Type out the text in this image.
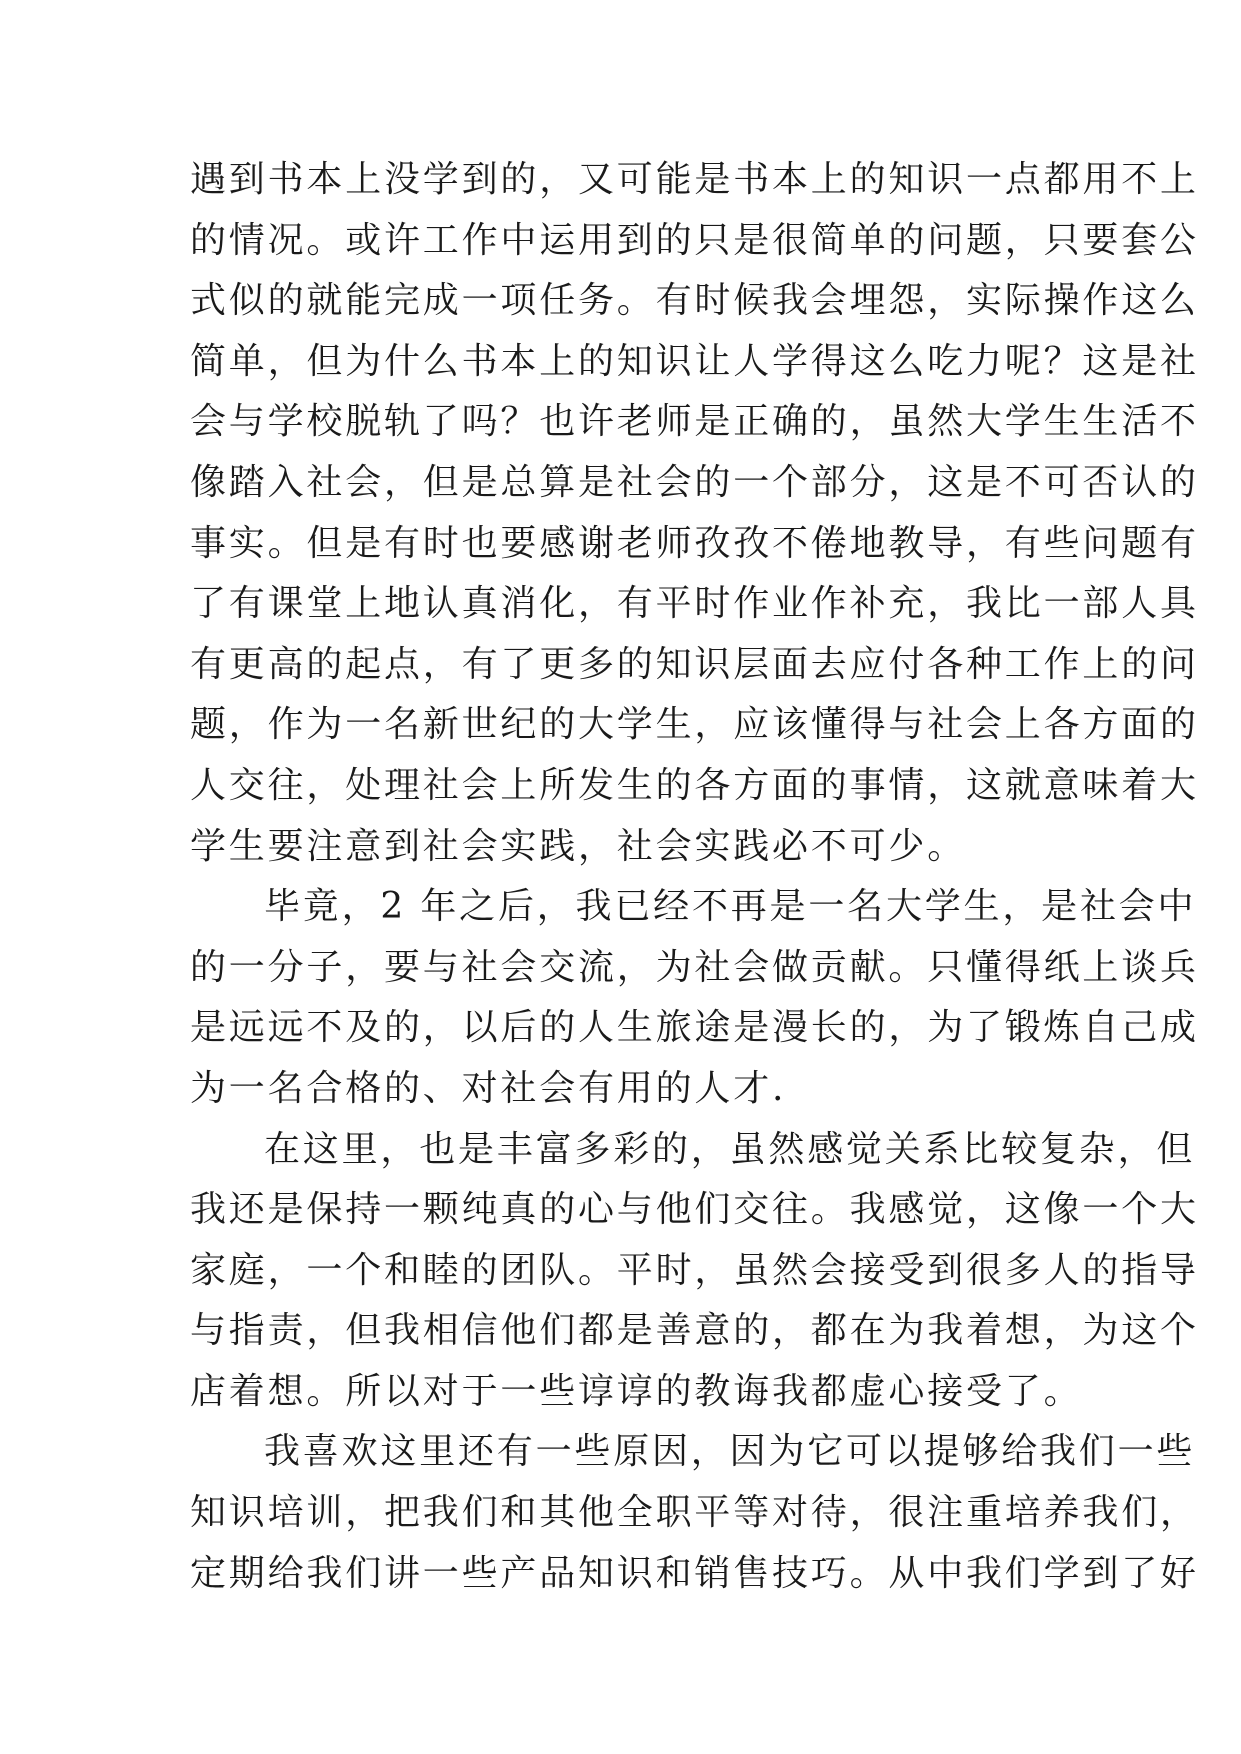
遇到书本上没学到的，又可能是书本上的知识一点都用不上
的情况。或许工作中运用到的只是很简单的问题，只要套公
式似的就能完成一项任务。有时候我会埋怨，实际操作这么
简单，但为什么书本上的知识让人学得这么吃力呢？这是社
会与学校脱轨了吗？也许老师是正确的，虽然大学生生活不
像踏入社会，但是总算是社会的一个部分，这是不可否认的
事实。但是有时也要感谢老师孜孜不倦地教导，有些问题有
了有课堂上地认真消化，有平时作业作补充，我比一部人具
有更高的起点，有了更多的知识层面去应付各种工作上的问
题，作为一名新世纪的大学生，应该懂得与社会上各方面的
人交往，处理社会上所发生的各方面的事情，这就意味着大
学生要注意到社会实践，社会实践必不可少。
毕竟，2 年之后，我已经不再是一名大学生，是社会中
的一分子，要与社会交流，为社会做贡献。只懂得纸上谈兵
是远远不及的，以后的人生旅途是漫长的，为了锻炼自己成
为一名合格的、对社会有用的人才.
在这里，也是丰富多彩的，虽然感觉关系比较复杂，但
我还是保持一颗纯真的心与他们交往。我感觉，这像一个大
家庭，一个和睦的团队。平时，虽然会接受到很多人的指导
与指责，但我相信他们都是善意的，都在为我着想，为这个
店着想。所以对于一些谆谆的教诲我都虚心接受了。
我喜欢这里还有一些原因，因为它可以提够给我们一些
知识培训，把我们和其他全职平等对待，很注重培养我们，
定期给我们讲一些产品知识和销售技巧。从中我们学到了好
